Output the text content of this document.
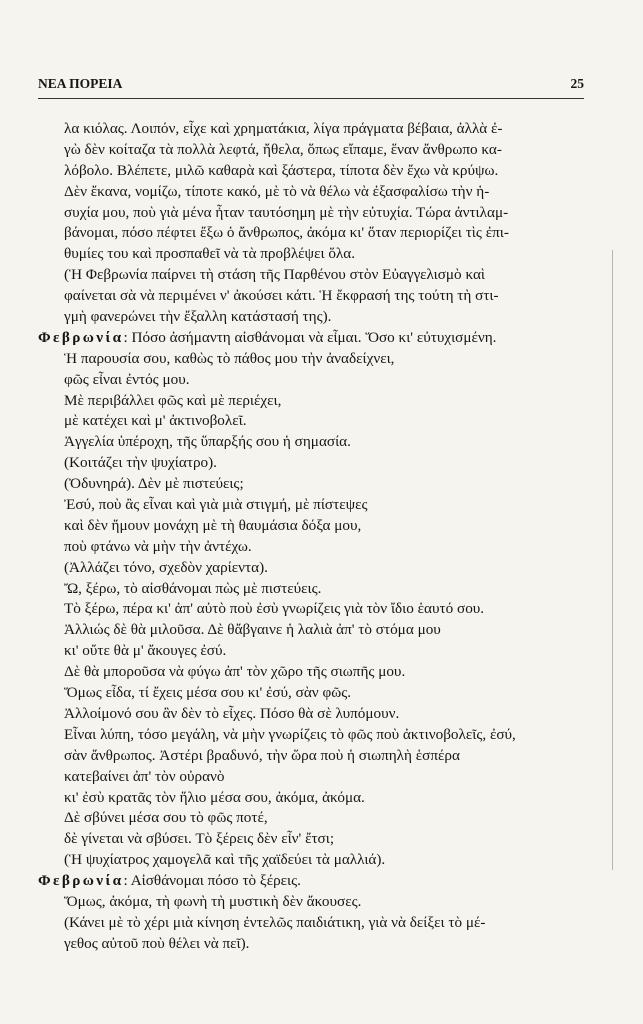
ΝΕΑ ΠΟΡΕΙΑ	25
λα κιόλας. Λοιπόν, εἶχε καὶ χρηματάκια, λίγα πράγματα βέβαια, ἀλλὰ ἐ-
γὼ δὲν κοίταζα τὰ πολλὰ λεφτά, ἤθελα, ὅπως εἴπαμε, ἕναν ἄνθρωπο κα-
λόβολο. Βλέπετε, μιλῶ καθαρὰ καὶ ξάστερα, τίποτα δὲν ἔχω νὰ κρύψω.
Δὲν ἔκανα, νομίζω, τίποτε κακό, μὲ τὸ νὰ θέλω νὰ ἐξασφαλίσω τὴν ἡ-
συχία μου, ποὺ γιὰ μένα ἦταν ταυτόσημη μὲ τὴν εὐτυχία. Τώρα ἀντιλαμ-
βάνομαι, πόσο πέφτει ἔξω ὁ ἄνθρωπος, ἀκόμα κι' ὅταν περιορίζει τὶς ἐπι-
θυμίες του καὶ προσπαθεῖ νὰ τὰ προβλέψει ὅλα.
(Ἡ Φεβρωνία παίρνει τὴ στάση τῆς Παρθένου στὸν Εὐαγγελισμὸ καὶ
φαίνεται σὰ νὰ περιμένει ν' ἀκούσει κάτι. Ἡ ἔκφρασή της τούτη τὴ στι-
γμὴ φανερώνει τὴν ἔξαλλη κατάστασή της).
Φεβρωνία: Πόσο ἀσήμαντη αἰσθάνομαι νὰ εἶμαι. Ὅσο κι' εὐτυχισμένη.
Ἡ παρουσία σου, καθὼς τὸ πάθος μου τὴν ἀναδείχνει,
φῶς εἶναι ἐντός μου.
Μὲ περιβάλλει φῶς καὶ μὲ περιέχει,
μὲ κατέχει καὶ μ' ἀκτινοβολεῖ.
Ἀγγελία ὑπέροχη, τῆς ὕπαρξής σου ἡ σημασία.
(Κοιτάζει τὴν ψυχίατρο).
(Ὀδυνηρά). Δὲν μὲ πιστεύεις;
Ἐσύ, ποὺ ἂς εἶναι καὶ γιὰ μιὰ στιγμή, μὲ πίστεψες
καὶ δὲν ἤμουν μονάχη μὲ τὴ θαυμάσια δόξα μου,
ποὺ φτάνω νὰ μὴν τὴν ἀντέχω.
(Ἀλλάζει τόνο, σχεδὸν χαρίεντα).
Ὤ, ξέρω, τὸ αἰσθάνομαι πὼς μὲ πιστεύεις.
Τὸ ξέρω, πέρα κι' ἀπ' αὐτὸ ποὺ ἐσὺ γνωρίζεις γιὰ τὸν ἴδιο ἑαυτό σου.
Ἀλλιώς δὲ θὰ μιλοῦσα. Δὲ θἄβγαινε ἡ λαλιὰ ἀπ' τὸ στόμα μου
κι' οὔτε θὰ μ' ἄκουγες ἐσύ.
Δὲ θὰ μποροῦσα νὰ φύγω ἀπ' τὸν χῶρο τῆς σιωπῆς μου.
Ὅμως εἶδα, τί ἔχεις μέσα σου κι' ἐσύ, σὰν φῶς.
Ἀλλοίμονό σου ἂν δὲν τὸ εἶχες. Πόσο θὰ σὲ λυπόμουν.
Εἶναι λύπη, τόσο μεγάλη, νὰ μὴν γνωρίζεις τὸ φῶς ποὺ ἀκτινοβολεῖς, ἐσύ,
σὰν ἄνθρωπος. Ἀστέρι βραδυνό, τὴν ὥρα ποὺ ἡ σιωπηλὴ ἑσπέρα
κατεβαίνει ἀπ' τὸν οὐρανὸ
κι' ἐσὺ κρατᾶς τὸν ἥλιο μέσα σου, ἀκόμα, ἀκόμα.
Δὲ σβύνει μέσα σου τὸ φῶς ποτέ,
δὲ γίνεται νὰ σβύσει. Τὸ ξέρεις δὲν εἶν' ἔτσι;
(Ἡ ψυχίατρος χαμογελᾶ καὶ τῆς χαϊδεύει τὰ μαλλιά).
Φεβρωνία: Αἰσθάνομαι πόσο τὸ ξέρεις.
Ὅμως, ἀκόμα, τὴ φωνὴ τὴ μυστικὴ δὲν ἄκουσες.
(Κάνει μὲ τὸ χέρι μιὰ κίνηση ἐντελῶς παιδιάτικη, γιὰ νὰ δείξει τὸ μέ-
γεθος αὐτοῦ ποὺ θέλει νὰ πεῖ).
